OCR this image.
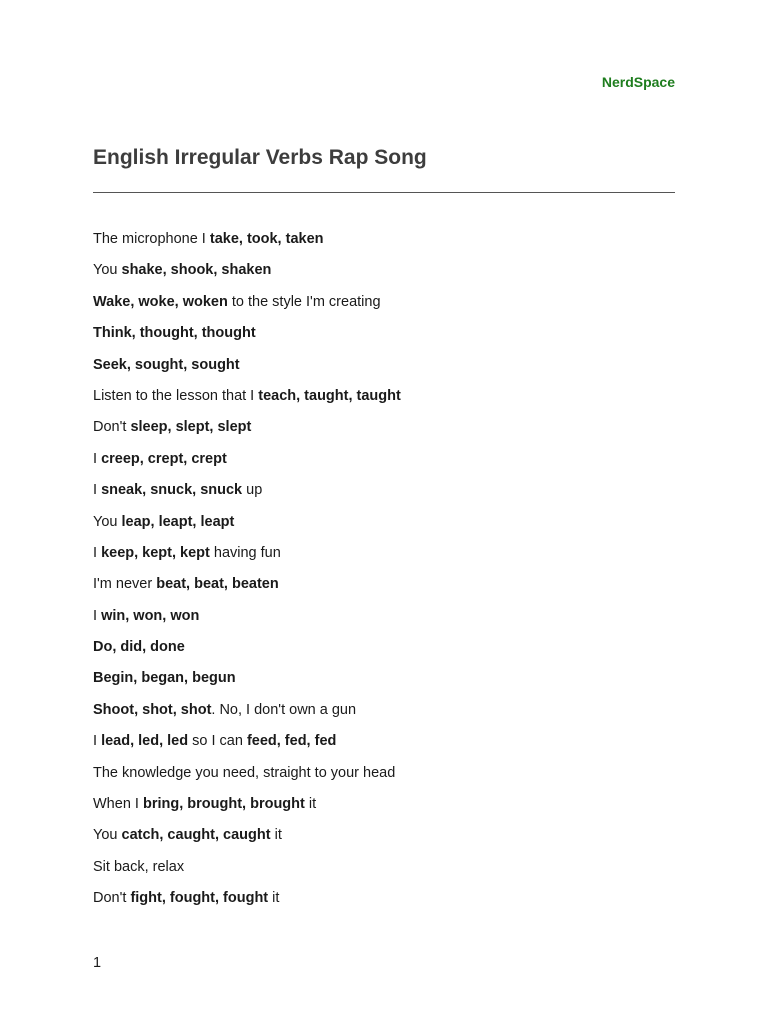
NerdSpace
English Irregular Verbs Rap Song
The microphone I take, took, taken
You shake, shook, shaken
Wake, woke, woken to the style I'm creating
Think, thought, thought
Seek, sought, sought
Listen to the lesson that I teach, taught, taught
Don't sleep, slept, slept
I creep, crept, crept
I sneak, snuck, snuck up
You leap, leapt, leapt
I keep, kept, kept having fun
I'm never beat, beat, beaten
I win, won, won
Do, did, done
Begin, began, begun
Shoot, shot, shot. No, I don't own a gun
I lead, led, led so I can feed, fed, fed
The knowledge you need, straight to your head
When I bring, brought, brought it
You catch, caught, caught it
Sit back, relax
Don't fight, fought, fought it
1
